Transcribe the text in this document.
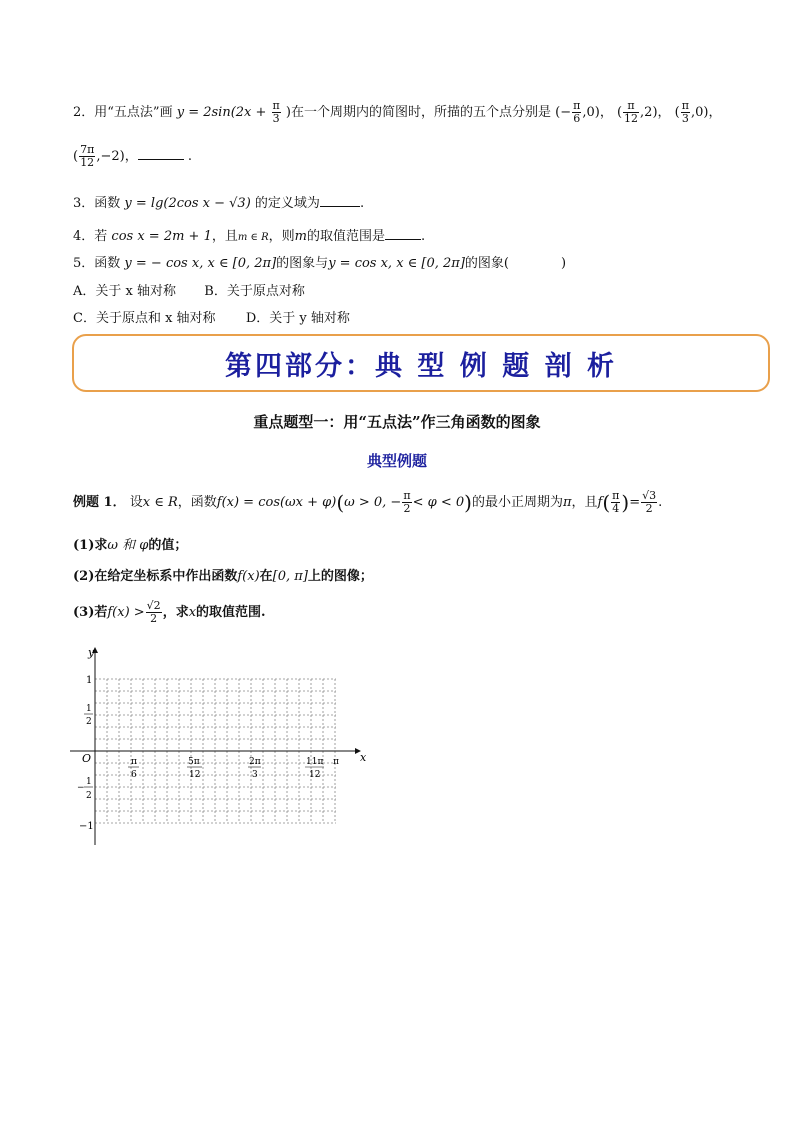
2．用“五点法”画 $y = 2\sin(2x + \frac{\pi}{3}$ )在一个周期内的简图时，所描的五个点分别是 (− $\frac{\pi}{6} ,0$)， ( $\frac{\pi}{12} ,2$)， ( $\frac{\pi}{3} ,0$)，
( $\frac{7\pi}{12} ,-2$)，	.
3．函数 y = lg(2cos x − √3) 的定义域为	.
4．若 cos x = 2m + 1，且m ∈ R，则m的取值范围是	.
5．函数 y = − cos x, x ∈ [0, 2π]的图象与y = cos x, x ∈ [0, 2π]的图象(	)
A．关于 x 轴对称 B．关于原点对称
C．关于原点和 x 轴对称 D．关于 y 轴对称
第四部分：典 型 例 题 剖 析
重点题型一：用“五点法”作三角函数的图象
典型例题
例题 1． 设x ∈ R，函数f(x) = cos(ωx + φ)(ω > 0, − $\frac{\pi}{2} < \varphi < 0$)的最小正周期为π，且$f( \frac{\pi}{4}$ )= $\frac{√3}{2}$ .
(1)求ω 和 φ的值；
(2)在给定坐标系中作出函数f(x)在[0, π]上的图像；
(3)若$f(x) > \frac{√2}{2}$ ，求x的取值范围.
y
x
O
1
1
2
1
−
2
−1
π
6
5π
12
2π
3
11π
12
π
